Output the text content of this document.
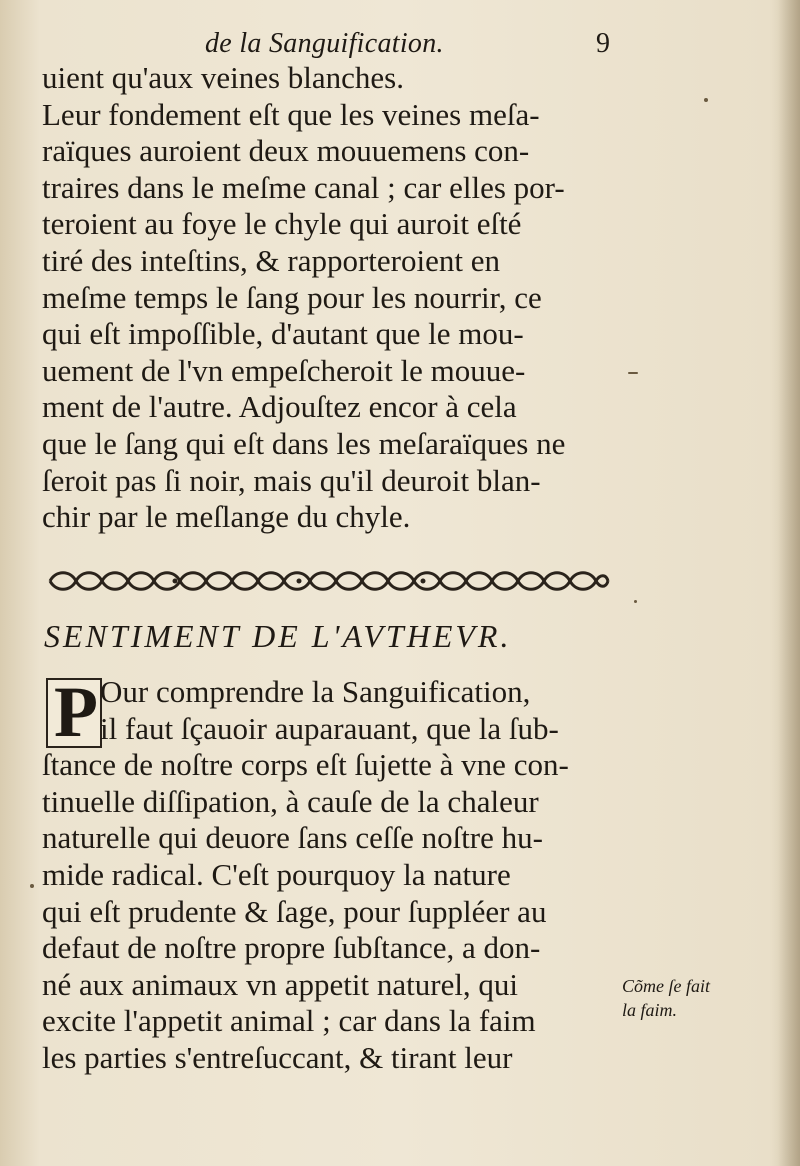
de la Sanguification.	9
uient qu'aux veines blanches.
Leur fondement eſt que les veines meſa-
raïques auroient deux mouuemens con-
traires dans le meſme canal ; car elles por-
teroient au foye le chyle qui auroit eſté
tiré des inteſtins, & rapporteroient en
meſme temps le ſang pour les nourrir, ce
qui eſt impoſſible, d'autant que le mou-
uement de l'vn empeſcheroit le mouue-
ment de l'autre. Adjouſtez encor à cela
que le ſang qui eſt dans les meſaraïques ne
ſeroit pas ſi noir, mais qu'il deuroit blan-
chir par le meſlange du chyle.
SENTIMENT DE L'AVTHEVR.
P Our comprendre la Sanguification,
il faut ſçauoir auparauant, que la ſub-
ſtance de noſtre corps eſt ſujette à vne con-
tinuelle diſſipation, à cauſe de la chaleur
naturelle qui deuore ſans ceſſe noſtre hu-
mide radical. C'eſt pourquoy la nature
qui eſt prudente & ſage, pour ſuppléer au
defaut de noſtre propre ſubſtance, a don-
né aux animaux vn appetit naturel, qui
excite l'appetit animal ; car dans la faim
les parties s'entreſuccant, & tirant leur
Cõme ſe fait
la faim.
